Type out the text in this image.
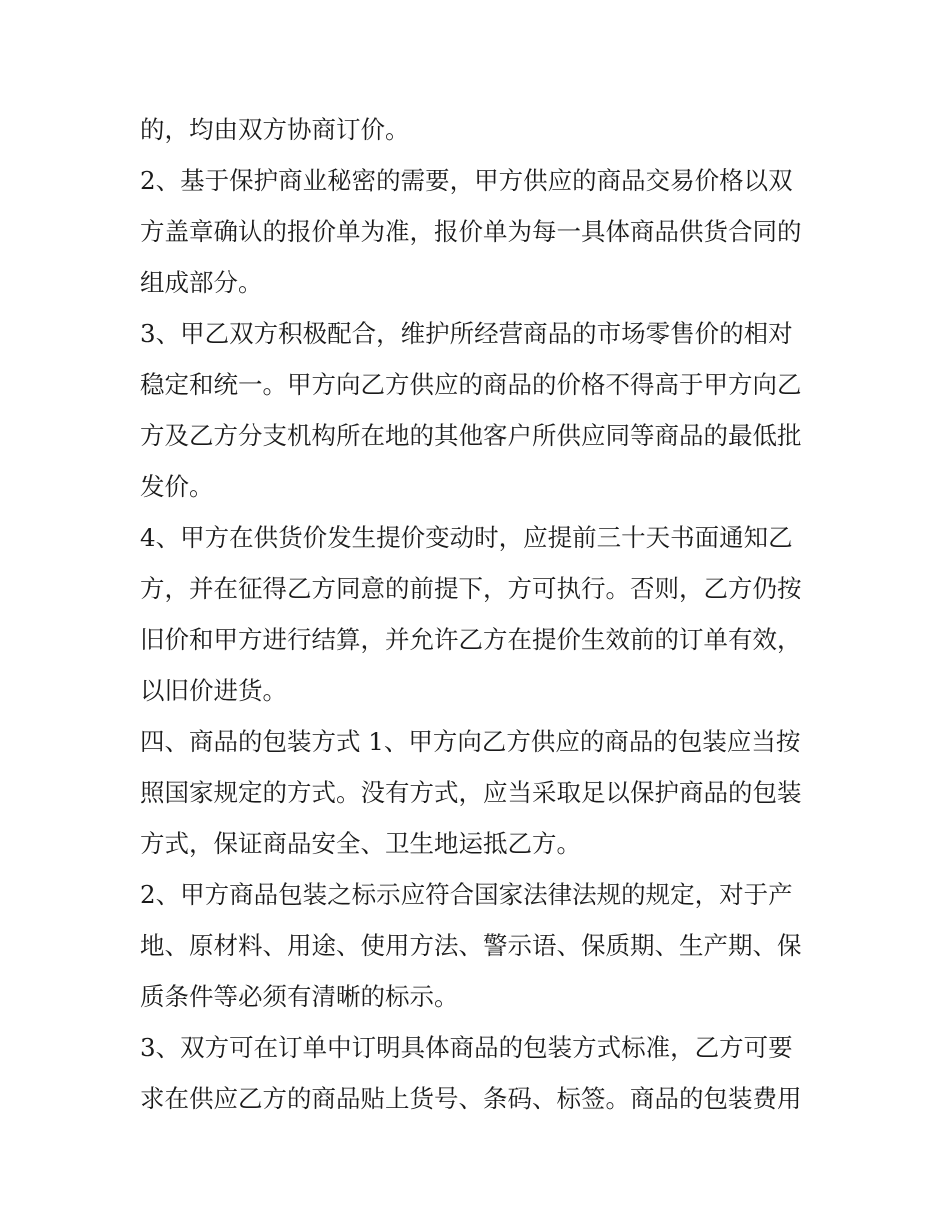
的，均由双方协商订价。
2、基于保护商业秘密的需要，甲方供应的商品交易价格以双
方盖章确认的报价单为准，报价单为每一具体商品供货合同的
组成部分。
3、甲乙双方积极配合，维护所经营商品的市场零售价的相对
稳定和统一。甲方向乙方供应的商品的价格不得高于甲方向乙
方及乙方分支机构所在地的其他客户所供应同等商品的最低批
发价。
4、甲方在供货价发生提价变动时，应提前三十天书面通知乙
方，并在征得乙方同意的前提下，方可执行。否则，乙方仍按
旧价和甲方进行结算，并允许乙方在提价生效前的订单有效，
以旧价进货。
四、商品的包装方式 1、甲方向乙方供应的商品的包装应当按
照国家规定的方式。没有方式，应当采取足以保护商品的包装
方式，保证商品安全、卫生地运抵乙方。
2、甲方商品包装之标示应符合国家法律法规的规定，对于产
地、原材料、用途、使用方法、警示语、保质期、生产期、保
质条件等必须有清晰的标示。
3、双方可在订单中订明具体商品的包装方式标准，乙方可要
求在供应乙方的商品贴上货号、条码、标签。商品的包装费用
